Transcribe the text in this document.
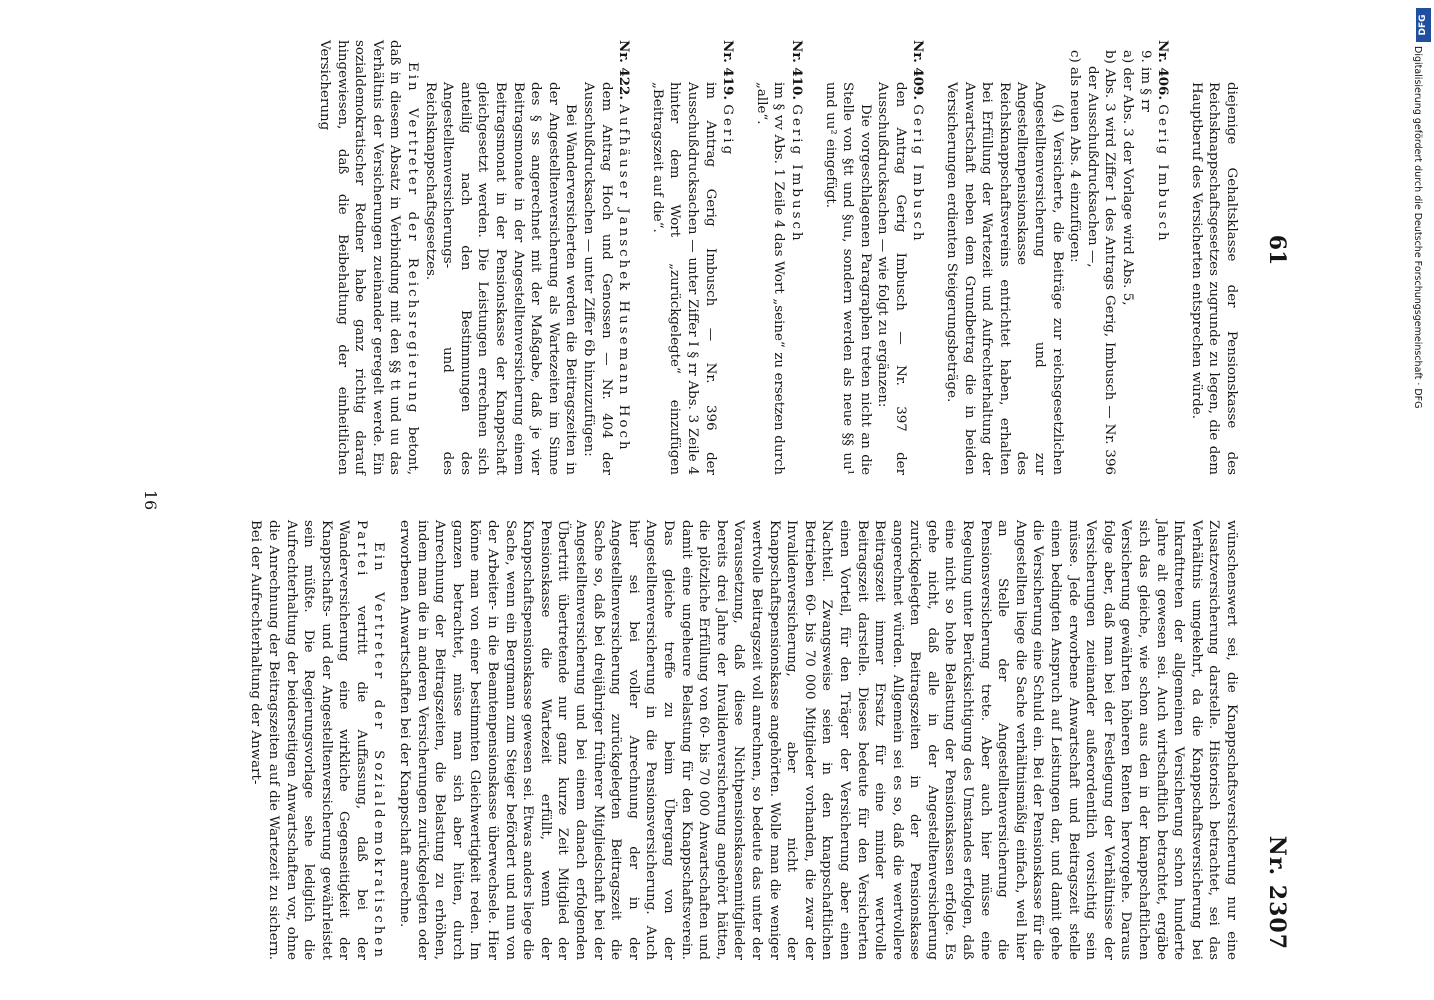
61
Nr. 2307

diejenige Gehaltsklasse der Pensionskasse des Reichsknappschaftsgesetzes zugrunde zu legen, die dem Hauptberuf des Versicherten entsprechen würde.

Nr. 406. Gerig Imbusch

9. im § rr

a) der Abs. 3 der Vorlage wird Abs. 5,

b) Abs. 3 wird Ziffer 1 des Antrags Gerig, Imbusch — Nr. 396 der Ausschußdrucksachen —,

c) als neuen Abs. 4 einzufügen:

(4) Versicherte, die Beiträge zur reichsgesetzlichen Angestelltenversicherung und zur Angestelltenpensionskasse des Reichsknappschaftsvereins entrichtet haben, erhalten bei Erfüllung der Wartezeit und Aufrechterhaltung der Anwartschaft neben dem Grundbetrag die in beiden Versicherungen erdienten Steigerungsbeträge.

Nr. 409. Gerig Imbusch

den Antrag Gerig Imbusch — Nr. 397 der Ausschußdrucksachen — wie folgt zu ergänzen:

Die vorgeschlagenen Paragraphen treten nicht an die Stelle von §tt und §uu, sondern werden als neue §§ uu¹ und uu² eingefügt.

Nr. 410. Gerig Imbusch

im § vv Abs. 1 Zeile 4 das Wort „seine“ zu ersetzen durch „alle“.

Nr. 419. Gerig

im Antrag Gerig Imbusch — Nr. 396 der Ausschußdrucksachen — unter Ziffer I § rr Abs. 3 Zeile 4 hinter dem Wort „zurückgelegte“ einzufügen „Beitragszeit auf die“.

Nr. 422. Aufhäuser Janschek Husemann Hoch

dem Antrag Hoch und Genossen — Nr. 404 der Ausschußdrucksachen — unter Ziffer 6b hinzuzufügen:

Bei Wanderversicherten werden die Beitragszeiten in der Angestelltenversicherung als Wartezeiten im Sinne des § ss angerechnet mit der Maßgabe, daß je vier Beitragsmonate in der Angestelltenversicherung einem Beitragsmonat in der Pensionskasse der Knappschaft gleichgesetzt werden. Die Leistungen errechnen sich anteilig nach den Bestimmungen des Angestelltenversicherungs- und des Reichsknappschaftsgesetzes.

Ein Vertreter der Reichsregierung betont, daß in diesem Absatz in Verbindung mit den §§ tt und uu das Verhältnis der Versicherungen zueinander geregelt werde. Ein sozialdemokratischer Redner habe ganz richtig darauf hingewiesen, daß die Beibehaltung der einheitlichen Versicherung

wünschenswert sei, die Knappschaftsversicherung nur eine Zusatzversicherung darstelle. Historisch betrachtet, sei das Verhältnis umgekehrt, da die Knappschaftsversicherung bei Inkrafttreten der allgemeinen Versicherung schon hunderte Jahre alt gewesen sei. Auch wirtschaftlich betrachtet, ergäbe sich das gleiche, wie schon aus den in der knappschaftlichen Versicherung gewährten höheren Renten hervorgehe. Daraus folge aber, daß man bei der Festlegung der Verhältnisse der Versicherungen zueinander außerordentlich vorsichtig sein müsse. Jede erworbene Anwartschaft und Beitragszeit stelle einen bedingten Anspruch auf Leistungen dar, und damit gehe die Versicherung eine Schuld ein. Bei der Pensionskasse für die Angestellten liege die Sache verhältnismäßig einfach, weil hier an Stelle der Angestelltenversicherung die Pensionsversicherung trete. Aber auch hier müsse eine Regelung unter Berücksichtigung des Umstandes erfolgen, daß eine nicht so hohe Belastung der Pensionskassen erfolge. Es gehe nicht, daß alle in der Angestelltenversicherung zurückgelegten Beitragszeiten in der Pensionskasse angerechnet würden. Allgemein sei es so, daß die wertvollere Beitragszeit immer Ersatz für eine minder wertvolle Beitragszeit darstelle. Dieses bedeute für den Versicherten einen Vorteil, für den Träger der Versicherung aber einen Nachteil. Zwangsweise seien in den knappschaftlichen Betrieben 60- bis 70 000 Mitglieder vorhanden, die zwar der Invalidenversicherung, aber nicht der Knappschaftspensionskasse angehörten. Wolle man die weniger wertvolle Beitragszeit voll anrechnen, so bedeute das unter der Voraussetzung, daß diese Nichtpensionskassenmitglieder bereits drei Jahre der Invalidenversicherung angehört hätten, die plötzliche Erfüllung von 60- bis 70 000 Anwartschaften und damit eine ungeheure Belastung für den Knappschaftsverein. Das gleiche treffe zu beim Übergang von der Angestelltenversicherung in die Pensionsversicherung. Auch hier sei bei voller Anrechnung der in der Angestelltenversicherung zurückgelegten Beitragszeit die Sache so, daß bei dreijähriger früherer Mitgliedschaft bei der Angestelltenversicherung und bei einem danach erfolgenden Übertritt übertretende nur ganz kurze Zeit Mitglied der Pensionskasse die Wartezeit erfüllt, wenn der Knappschaftspensionskasse gewesen sei. Etwas anders liege die Sache, wenn ein Bergmann zum Steiger befördert und nun von der Arbeiter- in die Beamtenpensionskasse überwechsele. Hier könne man von einer bestimmten Gleichwertigkeit reden. Im ganzen betrachtet, müsse man sich aber hüten, durch Anrechnung der Beitragszeiten, die Belastung zu erhöhen, indem man die in anderen Versicherungen zurückgelegten oder erworbenen Anwartschaften bei der Knappschaft anrechne.

Ein Vertreter der Sozialdemokratischen Partei vertritt die Auffassung, daß bei der Wanderversicherung eine wirkliche Gegenseitigkeit der Knappschafts- und der Angestelltenversicherung gewährleistet sein müßte. Die Regierungsvorlage sehe lediglich die Aufrechterhaltung der beiderseitigen Anwartschaften vor, ohne die Anrechnung der Beitragszeiten auf die Wartezeit zu sichern. Bei der Aufrechterhaltung der Anwart-

16
DFG
Digitalisierung gefördert durch die Deutsche Forschungsgemeinschaft · DFG
